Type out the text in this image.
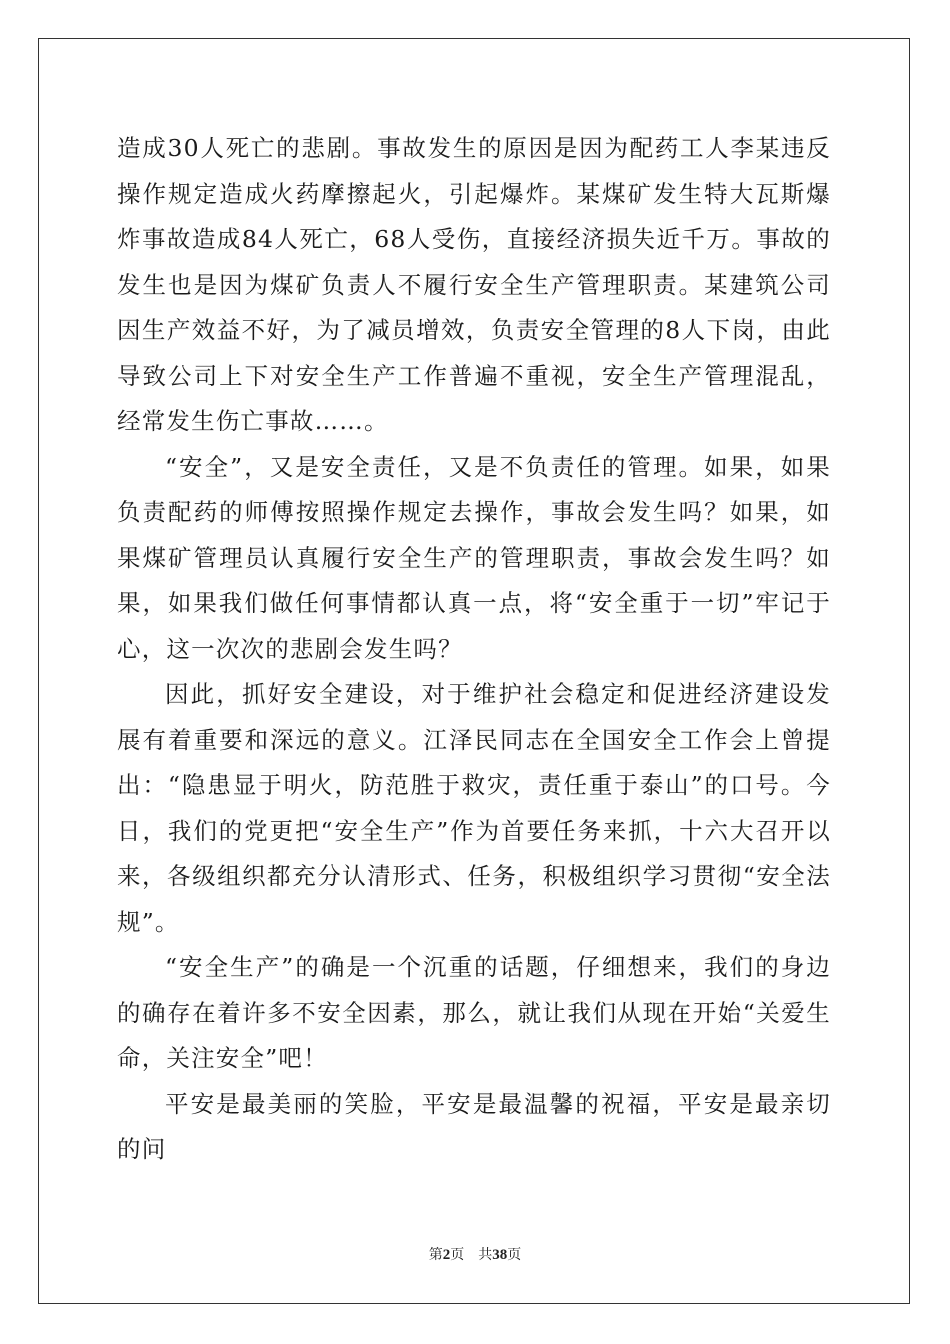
造成30人死亡的悲剧。事故发生的原因是因为配药工人李某违反操作规定造成火药摩擦起火，引起爆炸。某煤矿发生特大瓦斯爆炸事故造成84人死亡，68人受伤，直接经济损失近千万。事故的发生也是因为煤矿负责人不履行安全生产管理职责。某建筑公司因生产效益不好，为了减员增效，负责安全管理的8人下岗，由此导致公司上下对安全生产工作普遍不重视，安全生产管理混乱，经常发生伤亡事故……。

“安全”，又是安全责任，又是不负责任的管理。如果，如果负责配药的师傅按照操作规定去操作，事故会发生吗？如果，如果煤矿管理员认真履行安全生产的管理职责，事故会发生吗？如果，如果我们做任何事情都认真一点，将“安全重于一切”牢记于心，这一次次的悲剧会发生吗？

因此，抓好安全建设，对于维护社会稳定和促进经济建设发展有着重要和深远的意义。江泽民同志在全国安全工作会上曾提出：“隐患显于明火，防范胜于救灾，责任重于泰山”的口号。今日，我们的党更把“安全生产”作为首要任务来抓，十六大召开以来，各级组织都充分认清形式、任务，积极组织学习贯彻“安全法规”。

“安全生产”的确是一个沉重的话题，仔细想来，我们的身边的确存在着许多不安全因素，那么，就让我们从现在开始“关爱生命，关注安全”吧！

平安是最美丽的笑脸，平安是最温馨的祝福，平安是最亲切的问

第2页 共38页
